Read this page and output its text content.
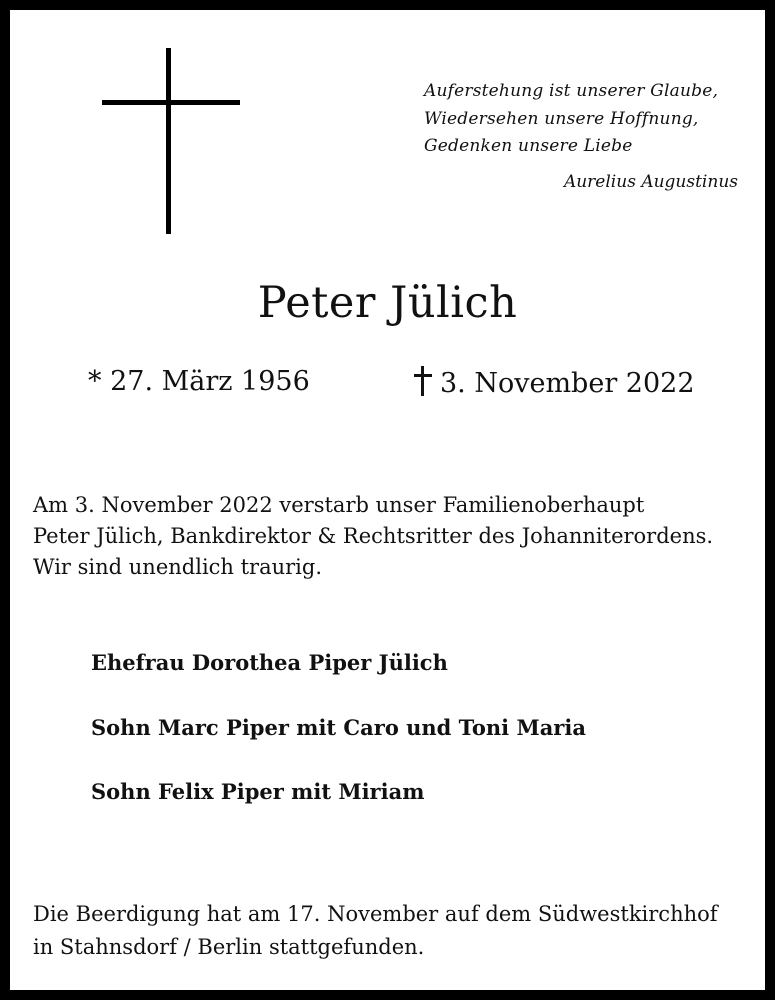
Auferstehung ist unserer Glaube,
Wiedersehen unsere Hoffnung,
Gedenken unsere Liebe
Aurelius Augustinus
Peter Jülich
* 27. März 1956	3. November 2022
Am 3. November 2022 verstarb unser Familienoberhaupt
Peter Jülich, Bankdirektor & Rechtsritter des Johanniterordens.
Wir sind unendlich traurig.
Ehefrau Dorothea Piper Jülich
Sohn Marc Piper mit Caro und Toni Maria
Sohn Felix Piper mit Miriam
Die Beerdigung hat am 17. November auf dem Südwestkirchhof
in Stahnsdorf / Berlin stattgefunden.
